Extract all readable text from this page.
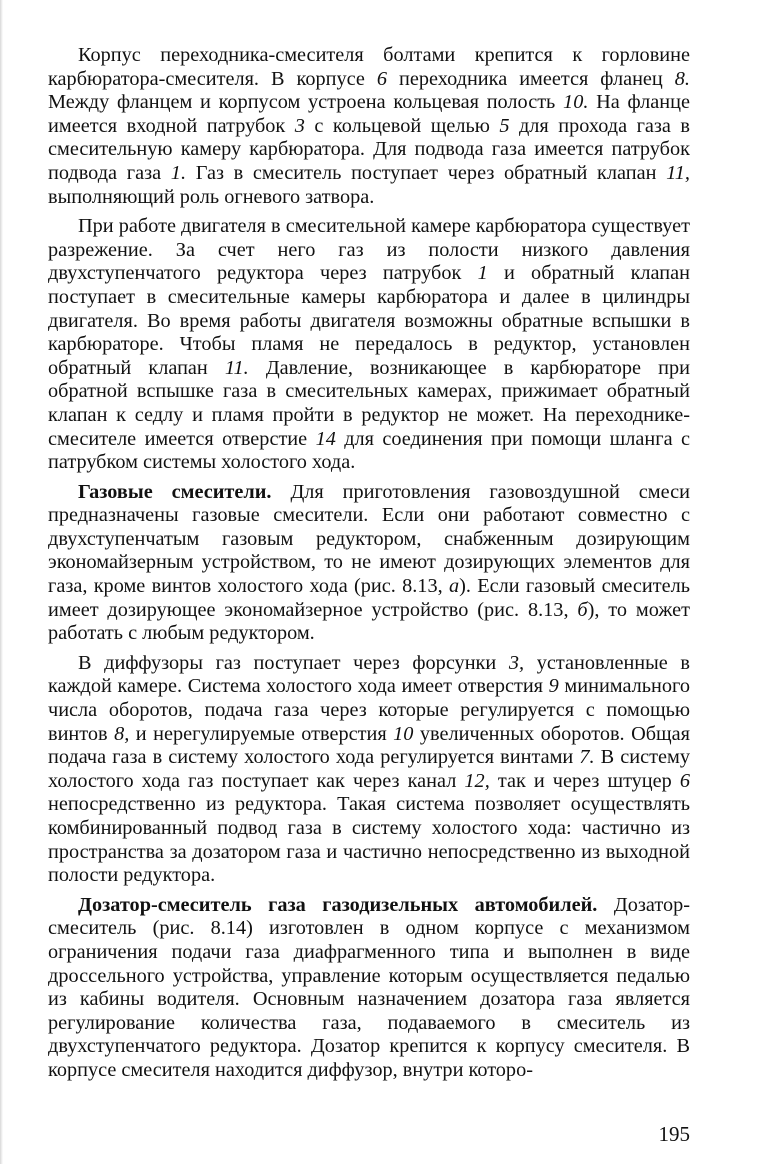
Корпус переходника-смесителя болтами крепится к горловине карбюратора-смесителя. В корпусе 6 переходника имеется фланец 8. Между фланцем и корпусом устроена кольцевая полость 10. На фланце имеется входной патрубок 3 с кольцевой щелью 5 для прохода газа в смесительную камеру карбюратора. Для подвода газа имеется патрубок подвода газа 1. Газ в смеситель поступает через обратный клапан 11, выполняющий роль огневого затвора.

При работе двигателя в смесительной камере карбюратора существует разрежение. За счет него газ из полости низкого давления двухступенчатого редуктора через патрубок 1 и обратный клапан поступает в смесительные камеры карбюратора и далее в цилиндры двигателя. Во время работы двигателя возможны обратные вспышки в карбюраторе. Чтобы пламя не передалось в редуктор, установлен обратный клапан 11. Давление, возникающее в карбюраторе при обратной вспышке газа в смесительных камерах, прижимает обратный клапан к седлу и пламя пройти в редуктор не может. На переходнике-смесителе имеется отверстие 14 для соединения при помощи шланга с патрубком системы холостого хода.

Газовые смесители. Для приготовления газовоздушной смеси предназначены газовые смесители. Если они работают совместно с двухступенчатым газовым редуктором, снабженным дозирующим экономайзерным устройством, то не имеют дозирующих элементов для газа, кроме винтов холостого хода (рис. 8.13, а). Если газовый смеситель имеет дозирующее экономайзерное устройство (рис. 8.13, б), то может работать с любым редуктором.

В диффузоры газ поступает через форсунки 3, установленные в каждой камере. Система холостого хода имеет отверстия 9 минимального числа оборотов, подача газа через которые регулируется с помощью винтов 8, и нерегулируемые отверстия 10 увеличенных оборотов. Общая подача газа в систему холостого хода регулируется винтами 7. В систему холостого хода газ поступает как через канал 12, так и через штуцер 6 непосредственно из редуктора. Такая система позволяет осуществлять комбинированный подвод газа в систему холостого хода: частично из пространства за дозатором газа и частично непосредственно из выходной полости редуктора.

Дозатор-смеситель газа газодизельных автомобилей. Дозатор-смеситель (рис. 8.14) изготовлен в одном корпусе с механизмом ограничения подачи газа диафрагменного типа и выполнен в виде дроссельного устройства, управление которым осуществляется педалью из кабины водителя. Основным назначением дозатора газа является регулирование количества газа, подаваемого в смеситель из двухступенчатого редуктора. Дозатор крепится к корпусу смесителя. В корпусе смесителя находится диффузор, внутри которо-

195
